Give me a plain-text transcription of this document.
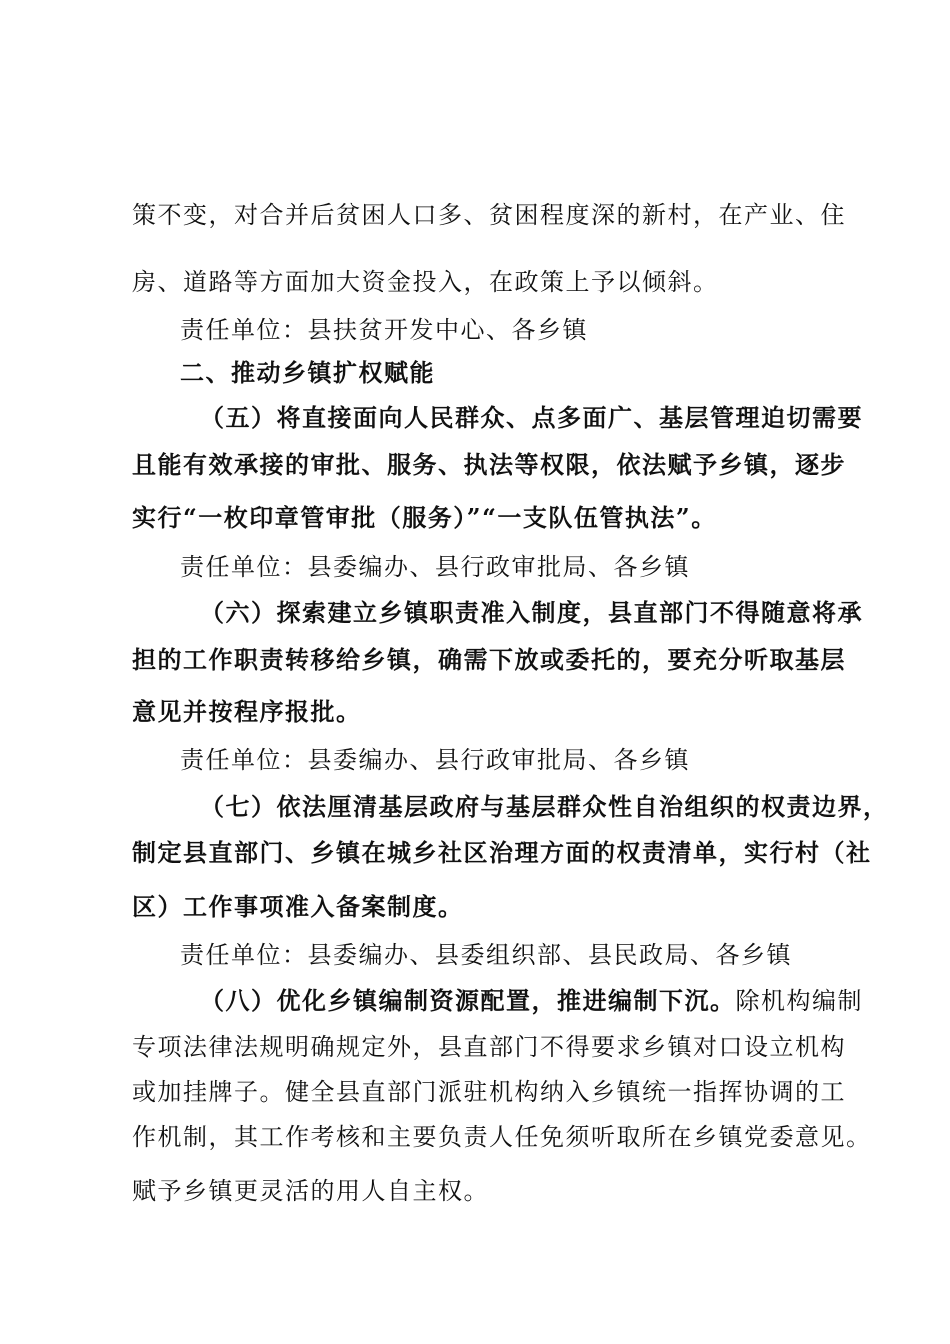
策不变，对合并后贫困人口多、贫困程度深的新村，在产业、住
房、道路等方面加大资金投入，在政策上予以倾斜。
责任单位：县扶贫开发中心、各乡镇
二、推动乡镇扩权赋能
（五）将直接面向人民群众、点多面广、基层管理迫切需要
且能有效承接的审批、服务、执法等权限，依法赋予乡镇，逐步
实行“一枚印章管审批（服务）”“一支队伍管执法”。
责任单位：县委编办、县行政审批局、各乡镇
（六）探索建立乡镇职责准入制度，县直部门不得随意将承
担的工作职责转移给乡镇，确需下放或委托的，要充分听取基层
意见并按程序报批。
责任单位：县委编办、县行政审批局、各乡镇
（七）依法厘清基层政府与基层群众性自治组织的权责边界，
制定县直部门、乡镇在城乡社区治理方面的权责清单，实行村（社
区）工作事项准入备案制度。
责任单位：县委编办、县委组织部、县民政局、各乡镇
（八）优化乡镇编制资源配置，推进编制下沉。除机构编制
专项法律法规明确规定外，县直部门不得要求乡镇对口设立机构
或加挂牌子。健全县直部门派驻机构纳入乡镇统一指挥协调的工
作机制，其工作考核和主要负责人任免须听取所在乡镇党委意见。
赋予乡镇更灵活的用人自主权。
